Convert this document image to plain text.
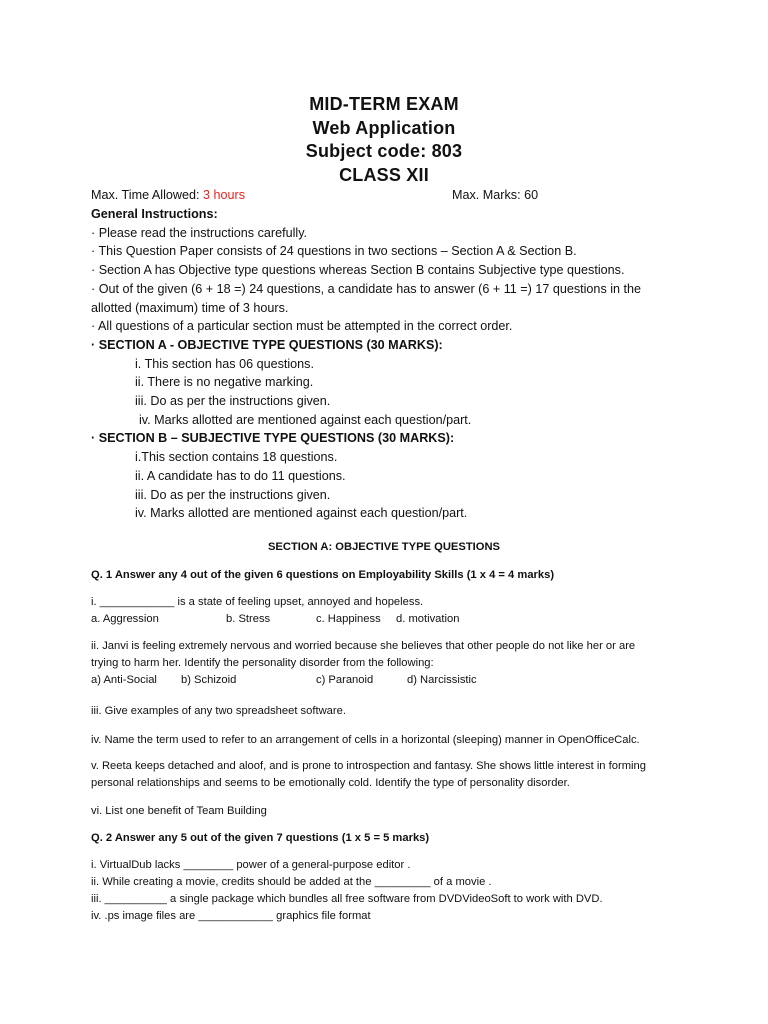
MID-TERM EXAM
Web Application
Subject code: 803
CLASS XII
Max. Time Allowed: 3 hours	Max. Marks: 60
General Instructions:
· Please read the instructions carefully.
· This Question Paper consists of 24 questions in two sections – Section A & Section B.
· Section A has Objective type questions whereas Section B contains Subjective type questions.
· Out of the given (6 + 18 =) 24 questions, a candidate has to answer (6 + 11 =) 17 questions in the
allotted (maximum) time of 3 hours.
· All questions of a particular section must be attempted in the correct order.
· SECTION A - OBJECTIVE TYPE QUESTIONS (30 MARKS):
i. This section has 06 questions.
ii. There is no negative marking.
iii. Do as per the instructions given.
iv. Marks allotted are mentioned against each question/part.
· SECTION B – SUBJECTIVE TYPE QUESTIONS (30 MARKS):
i.This section contains 18 questions.
ii. A candidate has to do 11 questions.
iii. Do as per the instructions given.
iv. Marks allotted are mentioned against each question/part.
SECTION A: OBJECTIVE TYPE QUESTIONS
Q. 1 Answer any 4 out of the given 6 questions on Employability Skills (1 x 4 = 4 marks)
i. ____________ is a state of feeling upset, annoyed and hopeless.
a. Aggression	b. Stress	c. Happiness d. motivation
ii. Janvi is feeling extremely nervous and worried because she believes that other people do not like her or are
trying to harm her. Identify the personality disorder from the following:
a) Anti-Social b) Schizoid	c) Paranoid	d) Narcissistic
iii. Give examples of any two spreadsheet software.
iv. Name the term used to refer to an arrangement of cells in a horizontal (sleeping) manner in OpenOfficeCalc.
v. Reeta keeps detached and aloof, and is prone to introspection and fantasy. She shows little interest in forming
personal relationships and seems to be emotionally cold. Identify the type of personality disorder.
vi. List one benefit of Team Building
Q. 2 Answer any 5 out of the given 7 questions (1 x 5 = 5 marks)
i. VirtualDub lacks ________ power of a general-purpose editor .
ii. While creating a movie, credits should be added at the _________ of a movie .
iii. __________ a single package which bundles all free software from DVDVideoSoft to work with DVD.
iv. .ps image files are ____________ graphics file format
